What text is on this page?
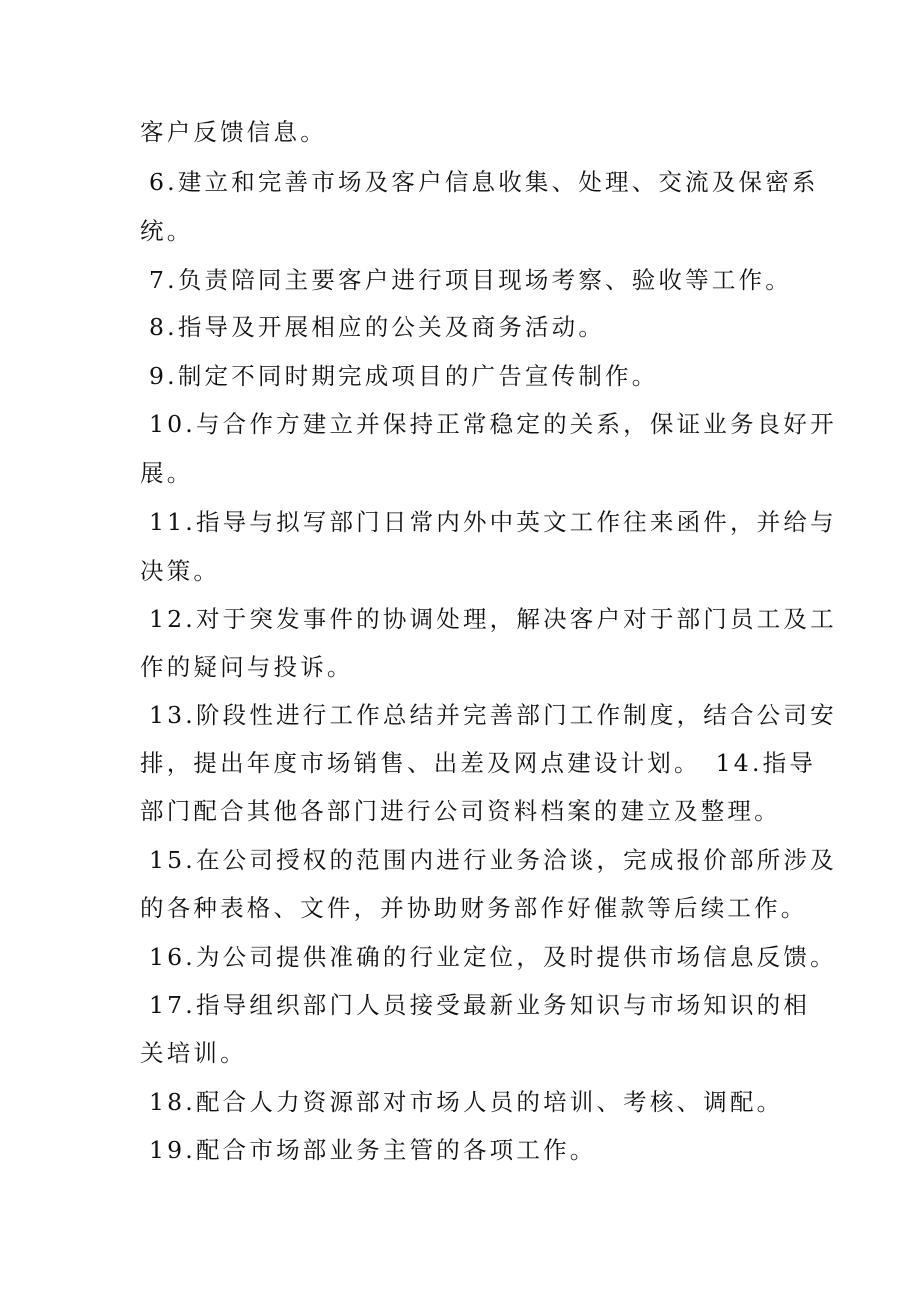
客户反馈信息。

6.建立和完善市场及客户信息收集、处理、交流及保密系

统。

7.负责陪同主要客户进行项目现场考察、验收等工作。

8.指导及开展相应的公关及商务活动。

9.制定不同时期完成项目的广告宣传制作。

10.与合作方建立并保持正常稳定的关系，保证业务良好开

展。

11.指导与拟写部门日常内外中英文工作往来函件，并给与

决策。

12.对于突发事件的协调处理，解决客户对于部门员工及工

作的疑问与投诉。

13.阶段性进行工作总结并完善部门工作制度，结合公司安

排，提出年度市场销售、出差及网点建设计划。　14.指导

部门配合其他各部门进行公司资料档案的建立及整理。

15.在公司授权的范围内进行业务洽谈，完成报价部所涉及

的各种表格、文件，并协助财务部作好催款等后续工作。

16.为公司提供准确的行业定位，及时提供市场信息反馈。

17.指导组织部门人员接受最新业务知识与市场知识的相

关培训。

18.配合人力资源部对市场人员的培训、考核、调配。

19.配合市场部业务主管的各项工作。
